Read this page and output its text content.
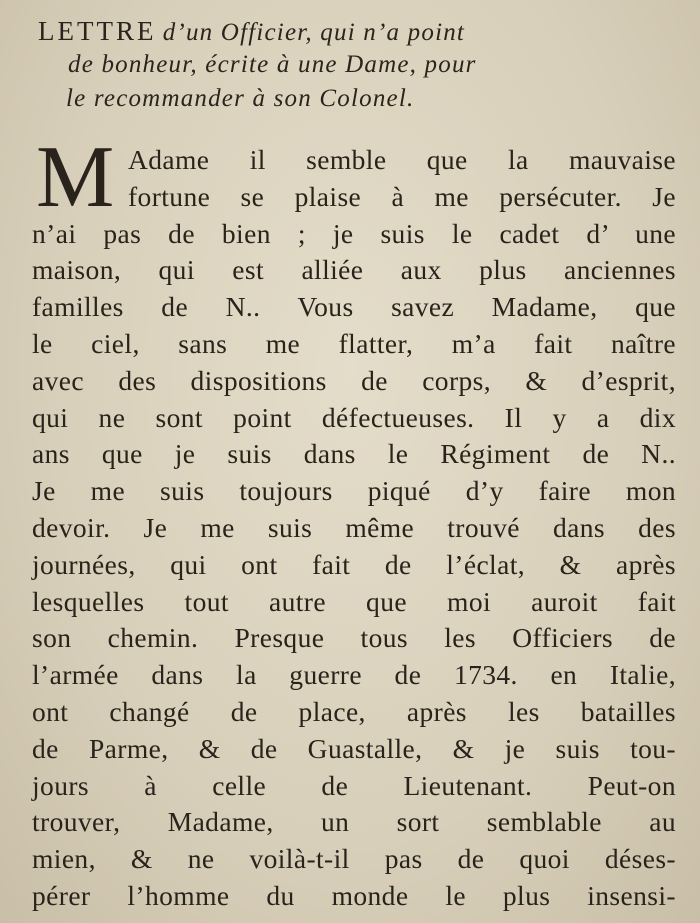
LETTRE d’un Officier, qui n’a point
de bonheur, écrite à une Dame, pour
le recommander à son Colonel.
M Adame il semble que la mauvaise
fortune se plaise à me persécuter. Je
n’ai pas de bien ; je suis le cadet d’ une
maison, qui est alliée aux plus anciennes
familles de N.. Vous savez Madame, que
le ciel, sans me flatter, m’a fait naître
avec des dispositions de corps, & d’esprit,
qui ne sont point défectueuses. Il y a dix
ans que je suis dans le Régiment de N..
Je me suis toujours piqué d’y faire mon
devoir. Je me suis même trouvé dans des
journées, qui ont fait de l’éclat, & après
lesquelles tout autre que moi auroit fait
son chemin. Presque tous les Officiers de
l’armée dans la guerre de 1734. en Italie,
ont changé de place, après les batailles
de Parme, & de Guastalle, & je suis tou-
jours à celle de Lieutenant. Peut-on
trouver, Madame, un sort semblable au
mien, & ne voilà-t-il pas de quoi déses-
pérer l’homme du monde le plus insensi-
